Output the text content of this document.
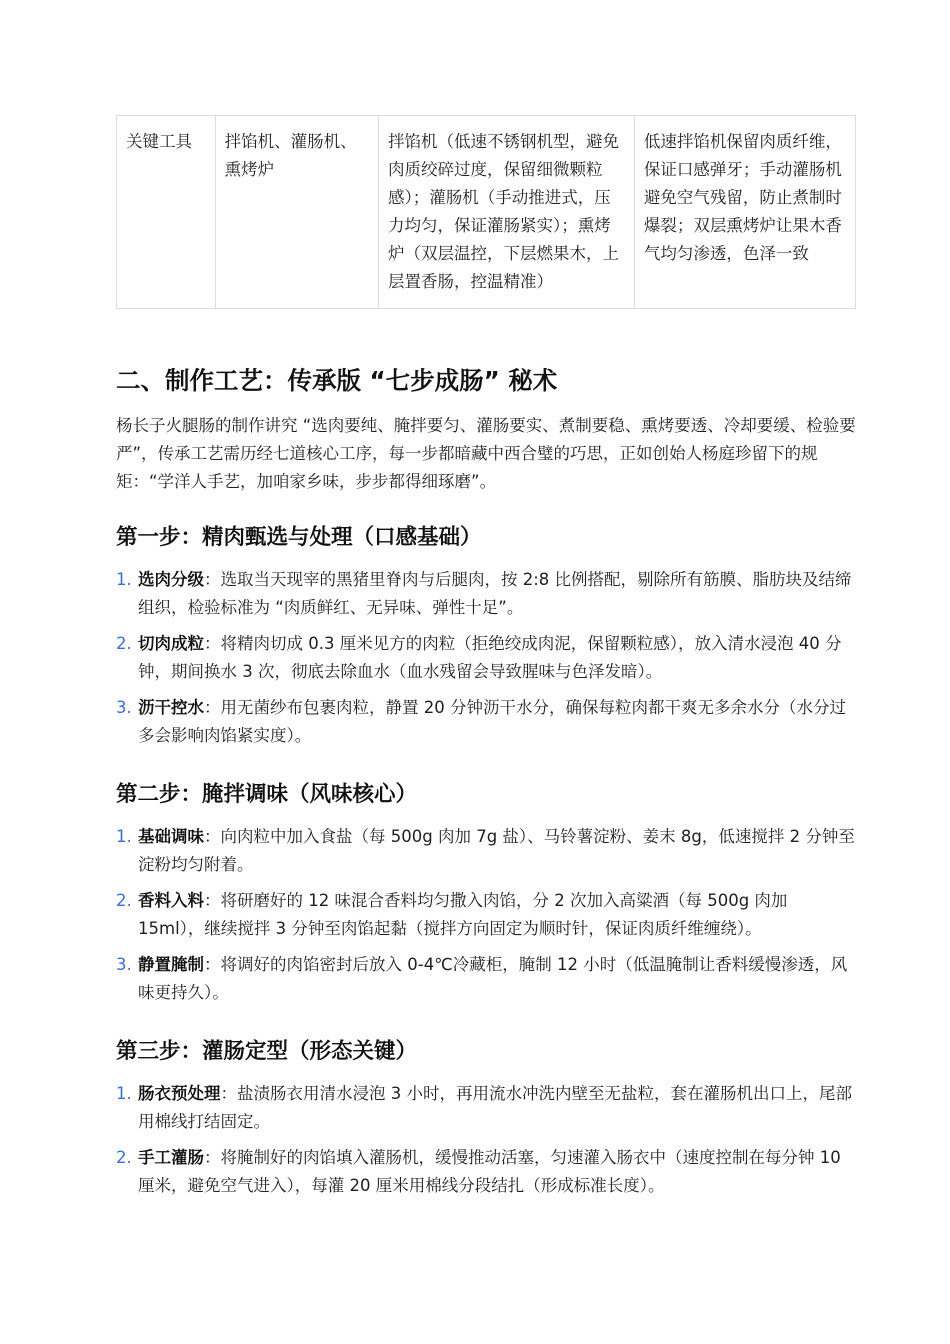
关键工具	拌馅机、灌肠机、熏烤炉	拌馅机（低速不锈钢机型，避免肉质绞碎过度，保留细微颗粒感）；灌肠机（手动推进式，压力均匀，保证灌肠紧实）；熏烤炉（双层温控，下层燃果木，上层置香肠，控温精准）	低速拌馅机保留肉质纤维，保证口感弹牙；手动灌肠机避免空气残留，防止煮制时爆裂；双层熏烤炉让果木香气均匀渗透，色泽一致
二、制作工艺：传承版 “七步成肠” 秘术

杨长子火腿肠的制作讲究 “选肉要纯、腌拌要匀、灌肠要实、煮制要稳、熏烤要透、冷却要缓、检验要严”，传承工艺需历经七道核心工序，每一步都暗藏中西合璧的巧思，正如创始人杨庭珍留下的规矩：“学洋人手艺，加咱家乡味，步步都得细琢磨”。

第一步：精肉甄选与处理（口感基础）
1. 选肉分级：选取当天现宰的黑猪里脊肉与后腿肉，按 2:8 比例搭配，剔除所有筋膜、脂肪块及结缔组织，检验标准为 “肉质鲜红、无异味、弹性十足”。
2. 切肉成粒：将精肉切成 0.3 厘米见方的肉粒（拒绝绞成肉泥，保留颗粒感），放入清水浸泡 40 分钟，期间换水 3 次，彻底去除血水（血水残留会导致腥味与色泽发暗）。
3. 沥干控水：用无菌纱布包裹肉粒，静置 20 分钟沥干水分，确保每粒肉都干爽无多余水分（水分过多会影响肉馅紧实度）。
第二步：腌拌调味（风味核心）
1. 基础调味：向肉粒中加入食盐（每 500g 肉加 7g 盐）、马铃薯淀粉、姜末 8g，低速搅拌 2 分钟至淀粉均匀附着。
2. 香料入料：将研磨好的 12 味混合香料均匀撒入肉馅，分 2 次加入高粱酒（每 500g 肉加 15ml），继续搅拌 3 分钟至肉馅起黏（搅拌方向固定为顺时针，保证肉质纤维缠绕）。
3. 静置腌制：将调好的肉馅密封后放入 0-4℃冷藏柜，腌制 12 小时（低温腌制让香料缓慢渗透，风味更持久）。
第三步：灌肠定型（形态关键）
1. 肠衣预处理：盐渍肠衣用清水浸泡 3 小时，再用流水冲洗内壁至无盐粒，套在灌肠机出口上，尾部用棉线打结固定。
2. 手工灌肠：将腌制好的肉馅填入灌肠机，缓慢推动活塞，匀速灌入肠衣中（速度控制在每分钟 10 厘米，避免空气进入），每灌 20 厘米用棉线分段结扎（形成标准长度）。
